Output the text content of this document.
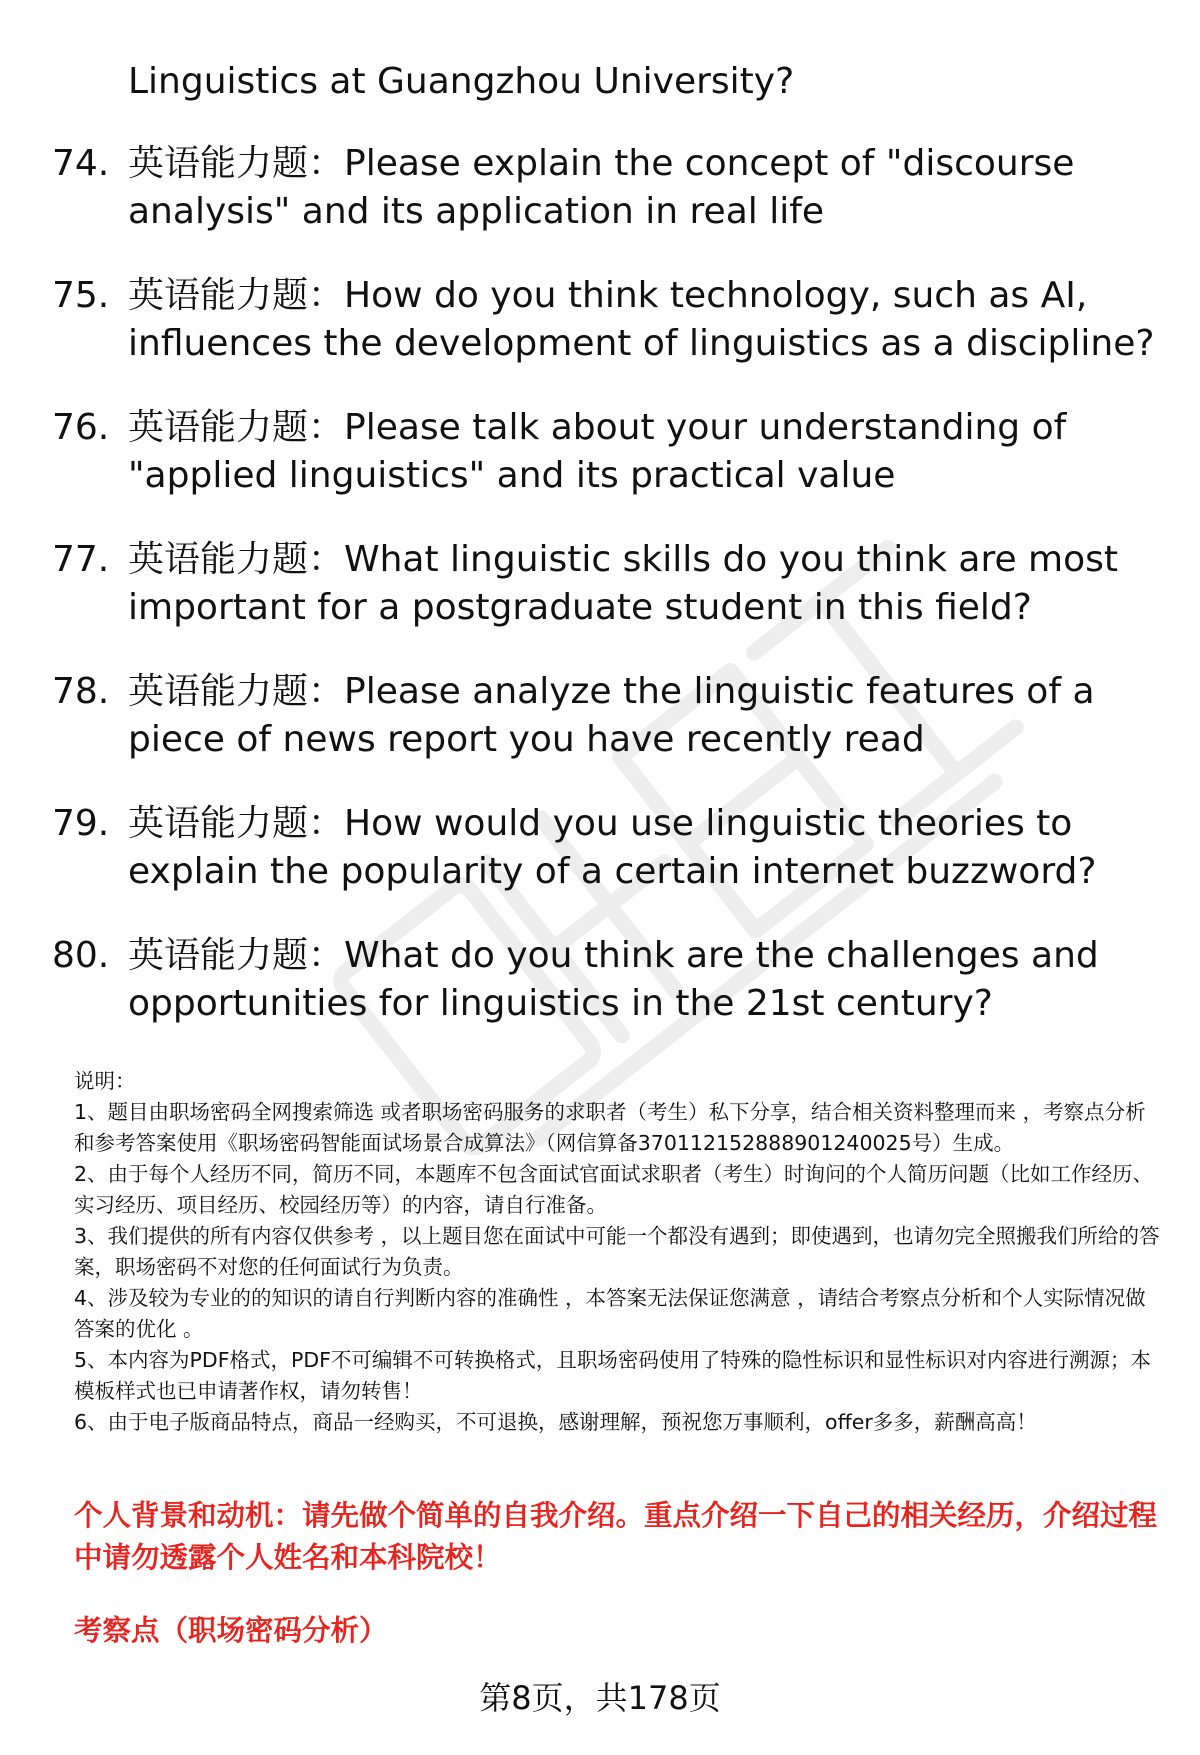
Linguistics at Guangzhou University?
74. 英语能力题：Please explain the concept of "discourse analysis" and its application in real life
75. 英语能力题：How do you think technology, such as AI, influences the development of linguistics as a discipline?
76. 英语能力题：Please talk about your understanding of "applied linguistics" and its practical value
77. 英语能力题：What linguistic skills do you think are most important for a postgraduate student in this field?
78. 英语能力题：Please analyze the linguistic features of a piece of news report you have recently read
79. 英语能力题：How would you use linguistic theories to explain the popularity of a certain internet buzzword?
80. 英语能力题：What do you think are the challenges and opportunities for linguistics in the 21st century?

说明：

1、题目由职场密码全网搜索筛选 或者职场密码服务的求职者（考生）私下分享，结合相关资料整理而来 ，考察点分析和参考答案使用《职场密码智能面试场景合成算法》（网信算备370112152888901240025号）生成。

2、由于每个人经历不同，简历不同，本题库不包含面试官面试求职者（考生）时询问的个人简历问题（比如工作经历、实习经历、项目经历、校园经历等）的内容，请自行准备。

3、我们提供的所有内容仅供参考 ，以上题目您在面试中可能一个都没有遇到；即使遇到，也请勿完全照搬我们所给的答案，职场密码不对您的任何面试行为负责。

4、涉及较为专业的的知识的请自行判断内容的准确性 ，本答案无法保证您满意 ，请结合考察点分析和个人实际情况做答案的优化 。

5、本内容为PDF格式，PDF不可编辑不可转换格式，且职场密码使用了特殊的隐性标识和显性标识对内容进行溯源；本模板样式也已申请著作权，请勿转售！

6、由于电子版商品特点，商品一经购买，不可退换，感谢理解，预祝您万事顺利，offer多多，薪酬高高！

个人背景和动机：请先做个简单的自我介绍。重点介绍一下自己的相关经历，介绍过程中请勿透露个人姓名和本科院校！
考察点（职场密码分析）
第8页，共178页
